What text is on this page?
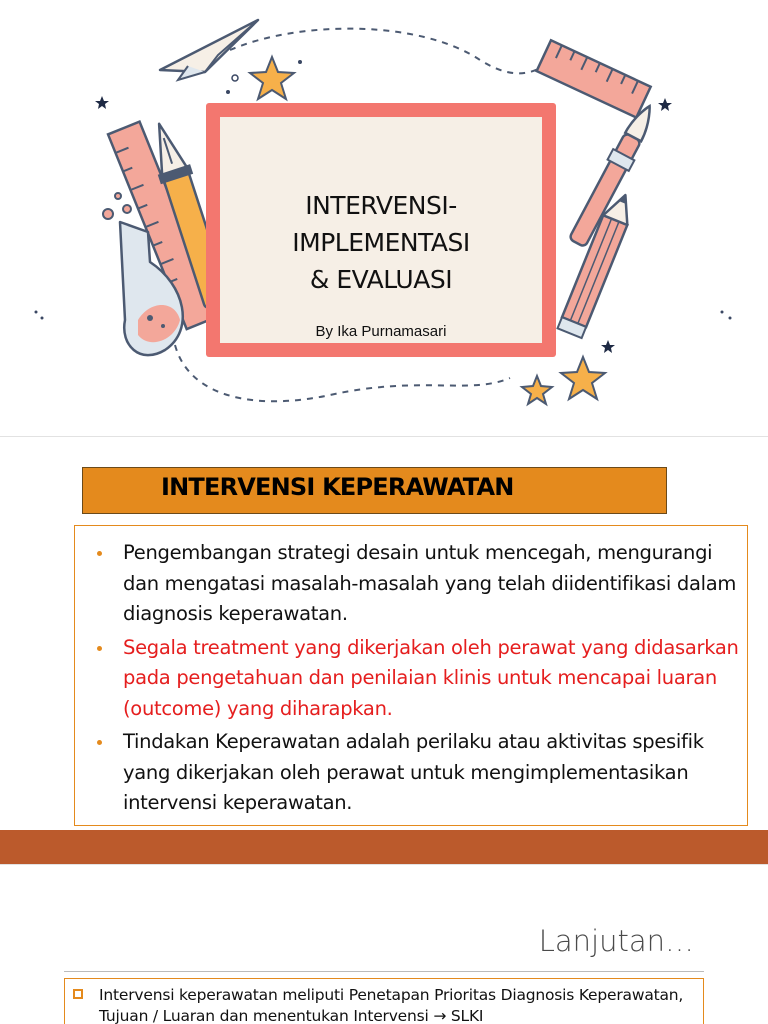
INTERVENSI-
IMPLEMENTASI
& EVALUASI
By Ika Purnamasari
INTERVENSI KEPERAWATAN
Pengembangan strategi desain untuk mencegah, mengurangi dan mengatasi masalah-masalah yang telah diidentifikasi dalam diagnosis keperawatan.
Segala treatment yang dikerjakan oleh perawat yang didasarkan pada pengetahuan dan penilaian klinis untuk mencapai luaran (outcome) yang diharapkan.
Tindakan Keperawatan adalah perilaku atau aktivitas spesifik yang dikerjakan oleh perawat untuk mengimplementasikan intervensi keperawatan.
Lanjutan…
Intervensi keperawatan meliputi Penetapan Prioritas Diagnosis Keperawatan, Tujuan / Luaran dan menentukan Intervensi → SLKI
